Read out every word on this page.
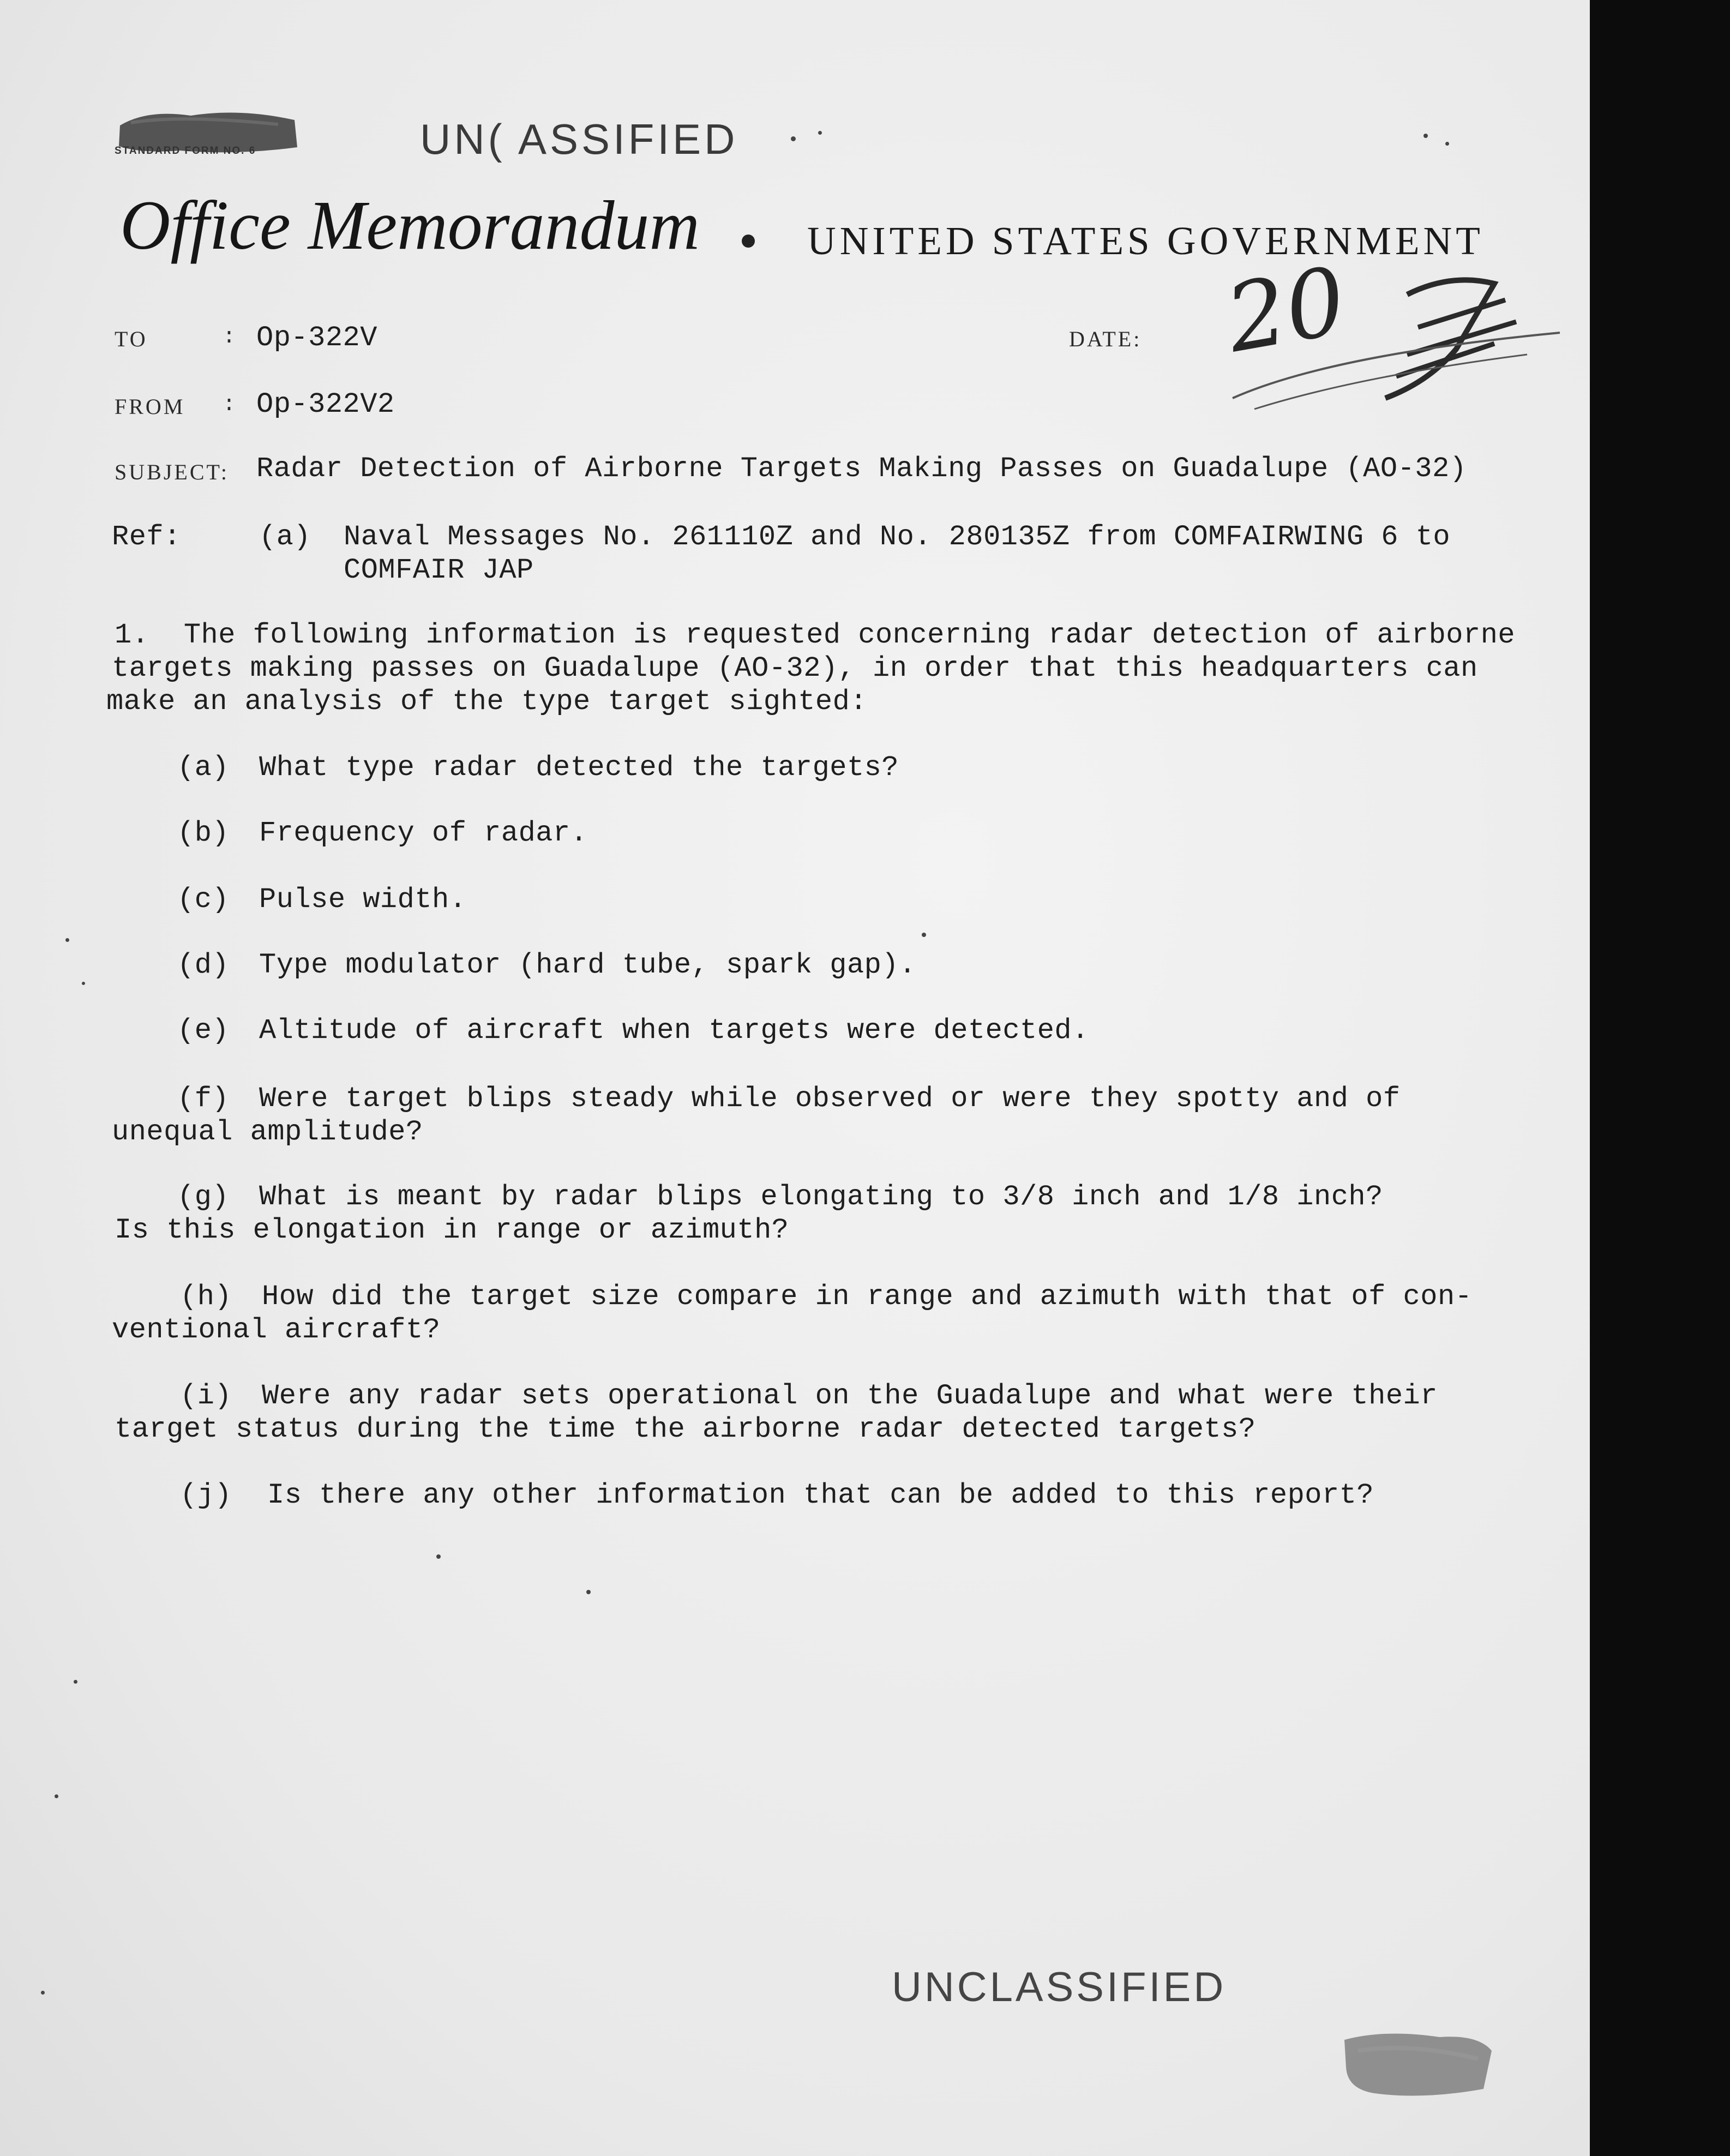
STANDARD FORM NO. 6	UN( ASSIFIED
Office Memorandum	UNITED STATES GOVERNMENT
TO	: Op-322V	DATE: 20
FROM : Op-322V2
SUBJECT: Radar Detection of Airborne Targets Making Passes on Guadalupe (AO-32)
Ref:	(a) Naval Messages No. 261110Z and No. 280135Z from COMFAIRWING 6 to
COMFAIR JAP
1.  The following information is requested concerning radar detection of airborne
targets making passes on Guadalupe (AO-32), in order that this headquarters can
make an analysis of the type target sighted:
(a) What type radar detected the targets?
(b) Frequency of radar.
(c) Pulse width.
(d) Type modulator (hard tube, spark gap).
(e) Altitude of aircraft when targets were detected.
(f) Were target blips steady while observed or were they spotty and of
unequal amplitude?
(g) What is meant by radar blips elongating to 3/8 inch and 1/8 inch?
Is this elongation in range or azimuth?
(h) How did the target size compare in range and azimuth with that of con-
ventional aircraft?
(i) Were any radar sets operational on the Guadalupe and what were their
target status during the time the airborne radar detected targets?
(j) Is there any other information that can be added to this report?
UNCLASSIFIED
